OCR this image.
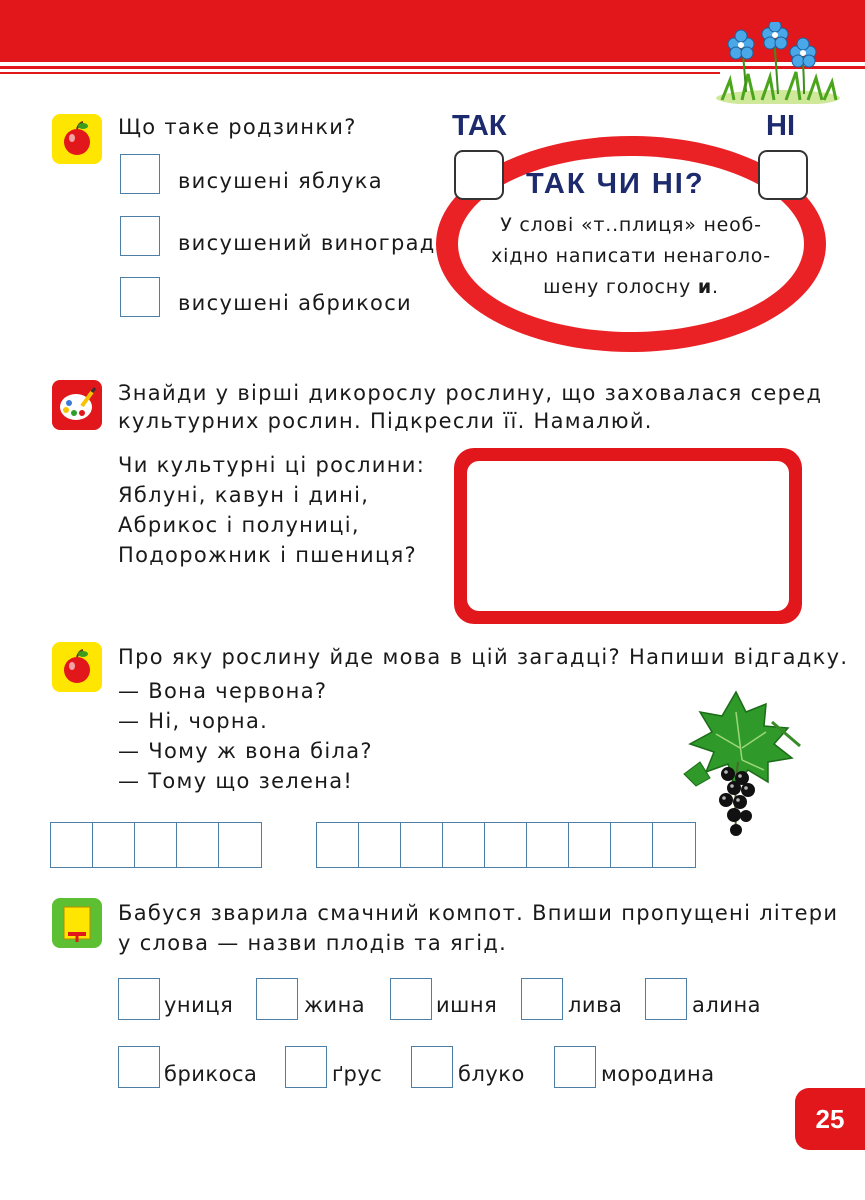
Що таке родзинки?
висушені яблука
висушений виноград
висушені абрикоси
ТАК	НІ
ТАК ЧИ НІ?
У слові «т..плиця» необ-
хідно написати ненаголо-
шену голосну и.
Знайди у вірші дикорослу рослину, що заховалася серед
культурних рослин. Підкресли її. Намалюй.
Чи культурні ці рослини:
Яблуні, кавун і дині,
Абрикос і полуниці,
Подорожник і пшениця?
Про яку рослину йде мова в цій загадці? Напиши відгадку.
— Вона червона?
— Ні, чорна.
— Чому ж вона біла?
— Тому що зелена!
Бабуся зварила смачний компот. Впиши пропущені літери
у слова — назви плодів та ягід.
униця	жина	ишня	лива	алина
брикоса	ґрус	блуко	мородина
25
